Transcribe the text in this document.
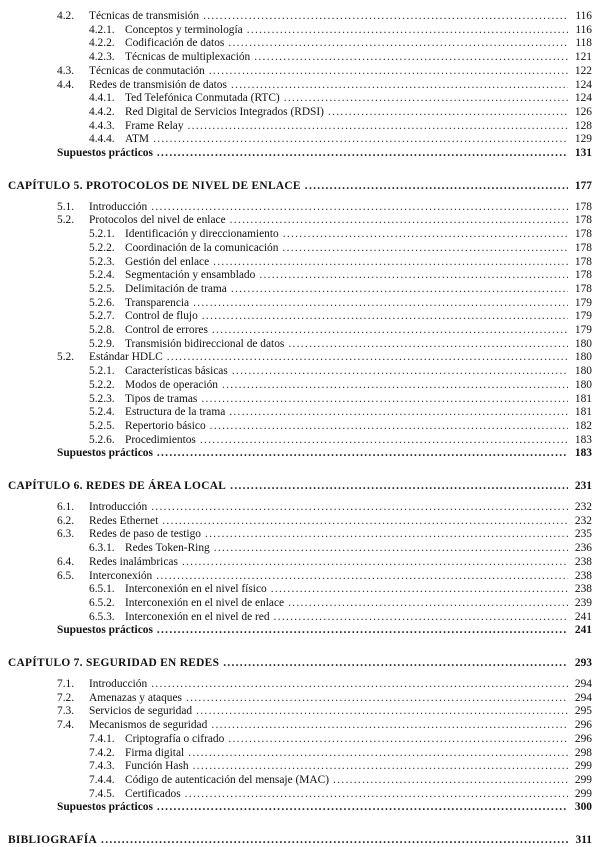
4.2.	Técnicas de transmisión .....	116
4.2.1. Conceptos y terminología .....	116
4.2.2. Codificación de datos .....	118
4.2.3. Técnicas de multiplexación .....	121
4.3.	Técnicas de conmutación .....	122
4.4.	Redes de transmisión de datos .....	124
4.4.1. Ted Telefónica Conmutada (RTC) .....	124
4.4.2. Red Digital de Servicios Integrados (RDSI) .....	126
4.4.3. Frame Relay .....	128
4.4.4. ATM .....	129
Supuestos prácticos .....	131
CAPÍTULO 5. PROTOCOLOS DE NIVEL DE ENLACE .....	177
5.1.	Introducción .....	178
5.2.	Protocolos del nivel de enlace .....	178
5.2.1. Identificación y direccionamiento .....	178
5.2.2. Coordinación de la comunicación .....	178
5.2.3. Gestión del enlace .....	178
5.2.4. Segmentación y ensamblado .....	178
5.2.5. Delimitación de trama .....	178
5.2.6. Transparencia .....	179
5.2.7. Control de flujo .....	179
5.2.8. Control de errores .....	179
5.2.9. Transmisión bidireccional de datos .....	180
5.2.	Estándar HDLC .....	180
5.2.1. Características básicas .....	180
5.2.2. Modos de operación .....	180
5.2.3. Tipos de tramas .....	181
5.2.4. Estructura de la trama .....	181
5.2.5. Repertorio básico .....	182
5.2.6. Procedimientos .....	183
Supuestos prácticos .....	183
CAPÍTULO 6. REDES DE ÁREA LOCAL .....	231
6.1.	Introducción .....	232
6.2.	Redes Ethernet .....	232
6.3.	Redes de paso de testigo .....	235
6.3.1. Redes Token-Ring .....	236
6.4.	Redes inalámbricas .....	238
6.5.	Interconexión .....	238
6.5.1. Interconexión en el nivel físico .....	238
6.5.2. Interconexión en el nivel de enlace .....	239
6.5.3. Interconexión en el nivel de red .....	241
Supuestos prácticos .....	241
CAPÍTULO 7. SEGURIDAD EN REDES .....	293
7.1.	Introducción .....	294
7.2.	Amenazas y ataques .....	294
7.3.	Servicios de seguridad .....	295
7.4.	Mecanismos de seguridad .....	296
7.4.1. Criptografía o cifrado .....	296
7.4.2. Firma digital .....	298
7.4.3. Función Hash .....	299
7.4.4. Código de autenticación del mensaje (MAC) .....	299
7.4.5. Certificados .....	299
Supuestos prácticos .....	300
BIBLIOGRAFÍA .....	311
